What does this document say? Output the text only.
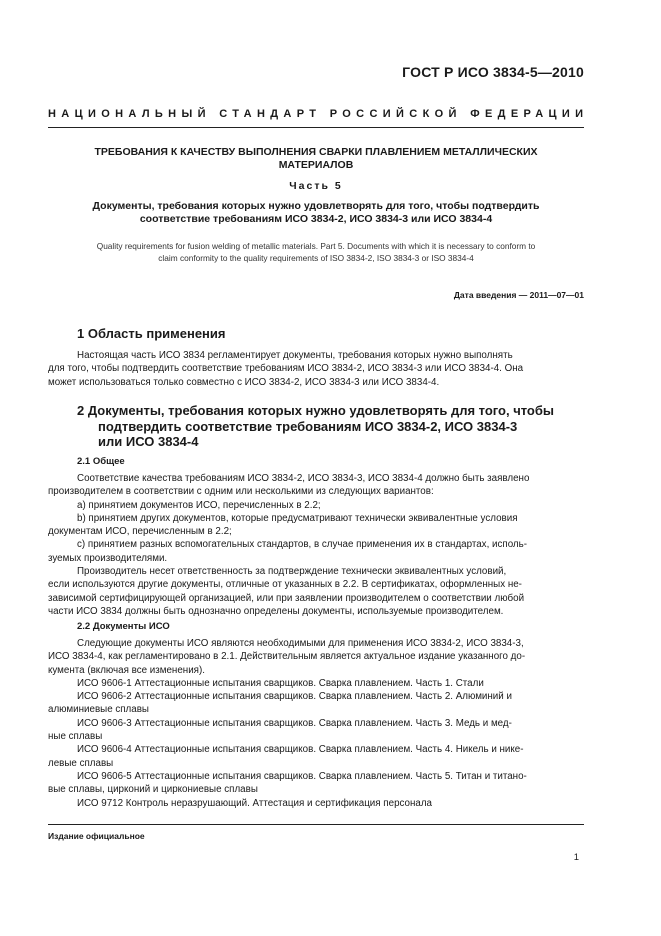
ГОСТ Р ИСО 3834-5—2010
НАЦИОНАЛЬНЫЙ СТАНДАРТ РОССИЙСКОЙ ФЕДЕРАЦИИ
ТРЕБОВАНИЯ К КАЧЕСТВУ ВЫПОЛНЕНИЯ СВАРКИ ПЛАВЛЕНИЕМ МЕТАЛЛИЧЕСКИХ
МАТЕРИАЛОВ
Часть 5
Документы, требования которых нужно удовлетворять для того, чтобы подтвердить
соответствие требованиям ИСО 3834-2, ИСО 3834-3 или ИСО 3834-4
Quality requirements for fusion welding of metallic materials. Part 5. Documents with which it is necessary to conform to
claim conformity to the quality requirements of ISO 3834-2, ISO 3834-3 or ISO 3834-4
Дата введения — 2011—07—01
1 Область применения
Настоящая часть ИСО 3834 регламентирует документы, требования которых нужно выполнять
для того, чтобы подтвердить соответствие требованиям ИСО 3834-2, ИСО 3834-3 или ИСО 3834-4. Она
может использоваться только совместно с ИСО 3834-2, ИСО 3834-3 или ИСО 3834-4.
2 Документы, требования которых нужно удовлетворять для того, чтобы
подтвердить соответствие требованиям ИСО 3834-2, ИСО 3834-3
или ИСО 3834-4
2.1 Общее
Соответствие качества требованиям ИСО 3834-2, ИСО 3834-3, ИСО 3834-4 должно быть заявлено
производителем в соответствии с одним или несколькими из следующих вариантов:
а) принятием документов ИСО, перечисленных в 2.2;
b) принятием других документов, которые предусматривают технически эквивалентные условия
документам ИСО, перечисленным в 2.2;
с) принятием разных вспомогательных стандартов, в случае применения их в стандартах, исполь-
зуемых производителями.
Производитель несет ответственность за подтверждение технически эквивалентных условий,
если используются другие документы, отличные от указанных в 2.2. В сертификатах, оформленных не-
зависимой сертифицирующей организацией, или при заявлении производителем о соответствии любой
части ИСО 3834 должны быть однозначно определены документы, используемые производителем.
2.2 Документы ИСО
Следующие документы ИСО являются необходимыми для применения ИСО 3834-2, ИСО 3834-3,
ИСО 3834-4, как регламентировано в 2.1. Действительным является актуальное издание указанного до-
кумента (включая все изменения).
ИСО 9606-1 Аттестационные испытания сварщиков. Сварка плавлением. Часть 1. Стали
ИСО 9606-2 Аттестационные испытания сварщиков. Сварка плавлением. Часть 2. Алюминий и
алюминиевые сплавы
ИСО 9606-3 Аттестационные испытания сварщиков. Сварка плавлением. Часть 3. Медь и мед-
ные сплавы
ИСО 9606-4 Аттестационные испытания сварщиков. Сварка плавлением. Часть 4. Никель и нике-
левые сплавы
ИСО 9606-5 Аттестационные испытания сварщиков. Сварка плавлением. Часть 5. Титан и титано-
вые сплавы, цирконий и циркониевые сплавы
ИСО 9712 Контроль неразрушающий. Аттестация и сертификация персонала
Издание официальное
1
